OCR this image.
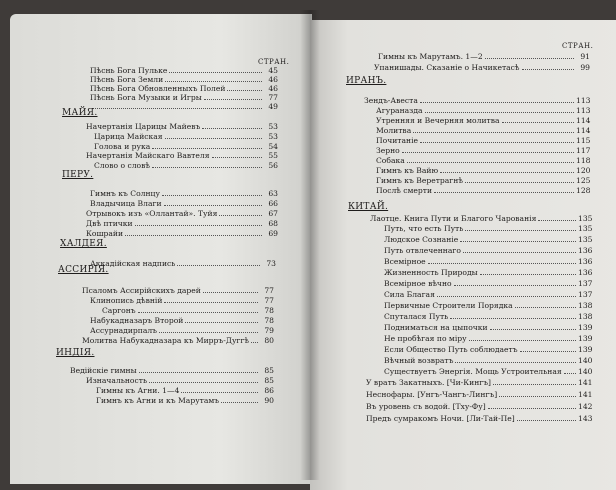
СТРАН.
СТРАН.
Пѣснь Бога Пульке	45
Пѣснь Бога Земли	46
Пѣснь Бога Обновленныхъ Полей	46
Пѣснь Бога Музыки и Игры	77
49
МАЙЯ.
Начертанія Царицы Майевъ	53
Царица Майская	53
Голова и рука	54
Начертанія Майскаго Вавтеля	55
Слово о словѣ	56
ПЕРУ.
Гимнъ къ Солнцу	63
Владычица Влаги	66
Отрывокъ изъ «Оллантай». Туйя	67
Двѣ птички	68
Кошрайи	69
ХАЛДЕЯ.
Аккадійская надпись	73
АССИРІЯ.
Псаломъ Ассирійскихъ дарей	77
Клинопись дѣвній	77
Саргонъ	78
Набукадназаръ Второй	78
Ассурнадирпалъ	79
Молитва Набукадназара къ Мирръ-Дуггѣ	80
ИНДІЯ.
Ведійскіе гимны	85
Изначальность	85
Гимны къ Агни. 1—4	86
Гимнъ къ Агни и къ Марутамъ	90
Гимны къ Марутамъ. 1—2	91
Упанишады. Сказаніе о Начикетасѣ	99
ИРАНЪ.
Зендъ-Авеста	113
Агураназда	113
Утренняя и Вечерняя молитва	114
Молитва	114
Почитаніе	115
Зерно	117
Собака	118
Гимнъ къ Вайю	120
Гимнъ къ Веретрагнѣ	125
Послѣ смерти	128
КИТАЙ.
Лаотце. Книга Пути и Благого Чарованія	135
Путь, что есть Путь	135
Людское Сознаніе	135
Путь отвлеченнаго	136
Всемірное	136
Жизненность Природы	136
Всемірное вѣчно	137
Сила Благая	137
Первичные Строители Порядка	138
Спуталася Путь	138
Подниматься на цыпочки	139
Не пробѣгая по міру	139
Если Общество Путь соблюдаетъ	139
Вѣчный возвратъ	140
Существуетъ Энергія. Мощь Устроительная 140
У вратъ Закатныхъ. [Чи-Кингъ]	141
Неснофары. [Унгъ-Чангъ-Лингъ]	141
Въ уровень съ водой. [Тху-Фу]	142
Предъ сумракомъ Ночи. [Ли-Тай-Пе]	143
